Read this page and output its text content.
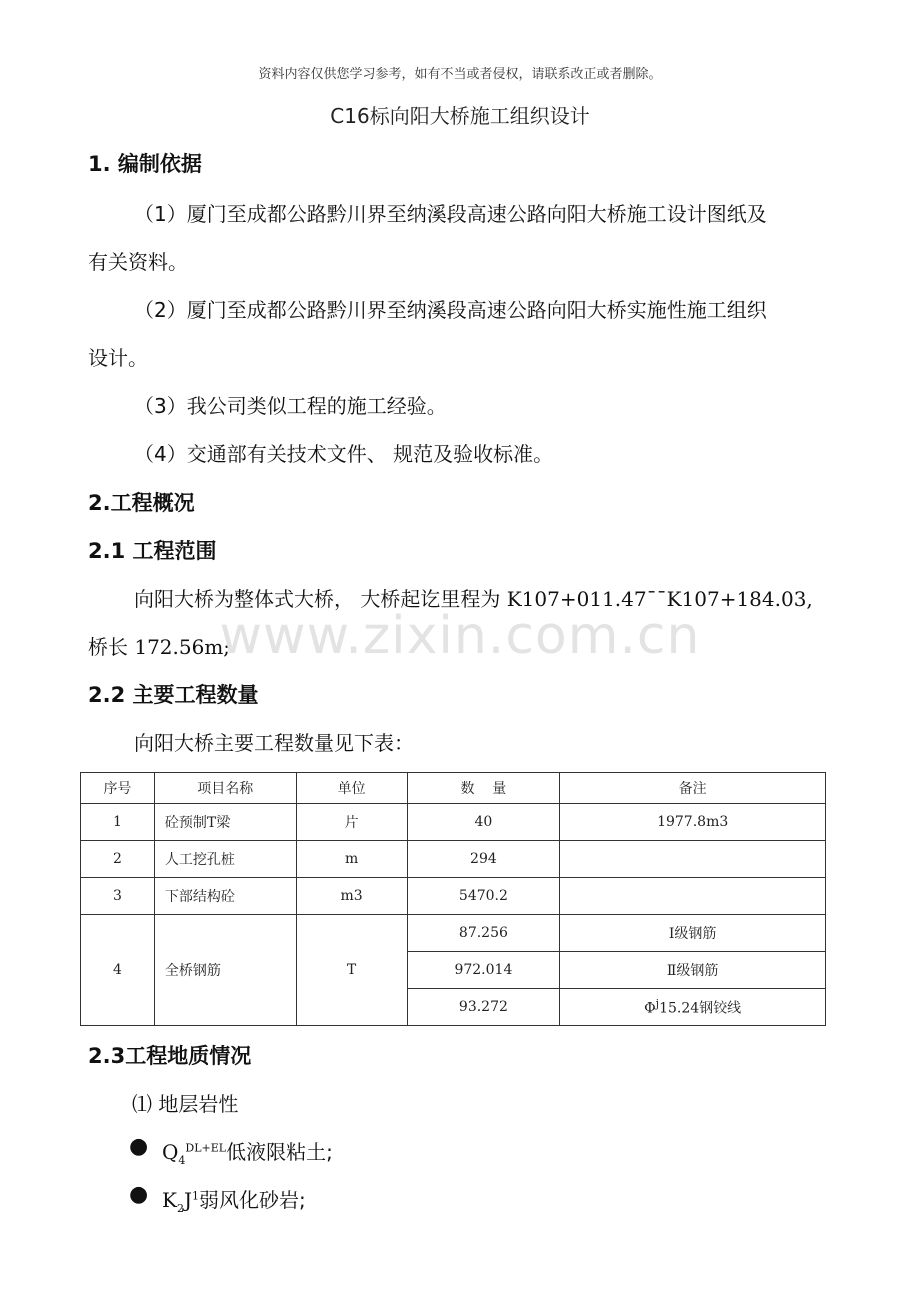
资料内容仅供您学习参考，如有不当或者侵权，请联系改正或者删除。
C16标向阳大桥施工组织设计
1. 编制依据
（1）厦门至成都公路黔川界至纳溪段高速公路向阳大桥施工设计图纸及
有关资料。
（2）厦门至成都公路黔川界至纳溪段高速公路向阳大桥实施性施工组织
设计。
（3）我公司类似工程的施工经验。
（4）交通部有关技术文件、 规范及验收标准。
2.工程概况
2.1 工程范围
向阳大桥为整体式大桥， 大桥起讫里程为 K107+011.47¯¯K107+184.03,
桥长 172.56m;
www.zixin.com.cn
2.2 主要工程数量
向阳大桥主要工程数量见下表：
序号	项目名称	单位	数    量	备注
1	砼预制T梁	片	40	1977.8m3
2	人工挖孔桩	m	294	
3	下部结构砼	m3	5470.2	
4	全桥钢筋	T	87.256	Ⅰ级钢筋
			972.014	Ⅱ级钢筋
			93.272	$\Phi^j15.24$钢铰线
2.3工程地质情况
⑴ 地层岩性
● $Q_4^{DL+EL}$低液限粘土;
● $K_2J^1$弱风化砂岩;
